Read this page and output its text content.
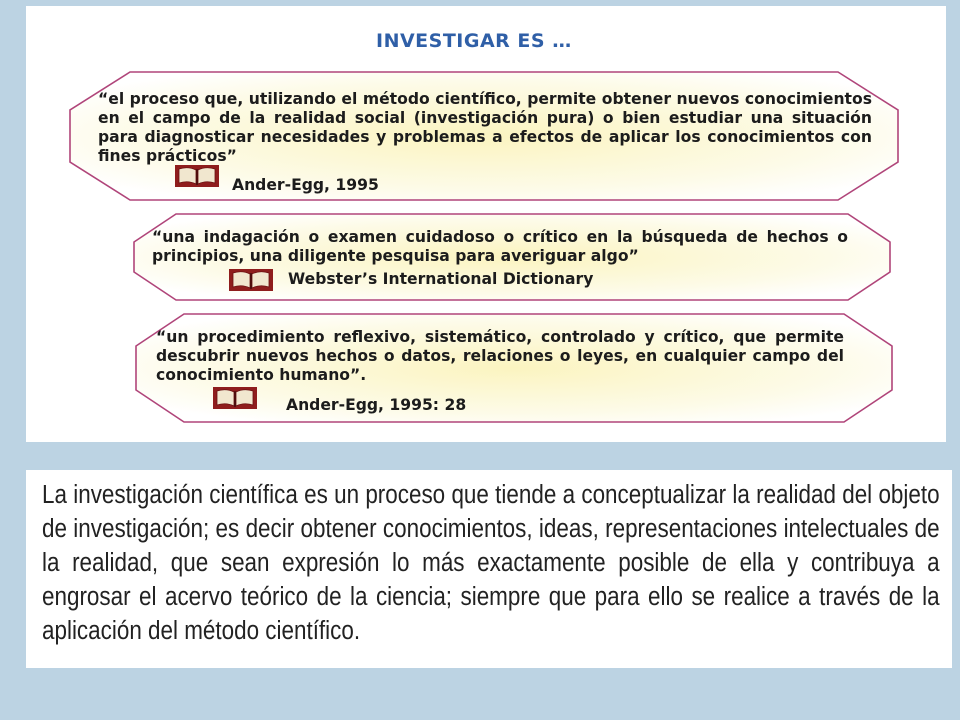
INVESTIGAR ES …

“el proceso que, utilizando el método científico, permite obtener nuevos conocimientos en el campo de la realidad social (investigación pura) o bien estudiar una situación para diagnosticar necesidades y problemas a efectos de aplicar los conocimientos con fines prácticos”

Ander-Egg, 1995

“una indagación o examen cuidadoso o crítico en la búsqueda de hechos o principios, una diligente pesquisa para averiguar algo”

Webster’s International Dictionary

“un procedimiento reflexivo, sistemático, controlado y crítico, que permite descubrir nuevos hechos o datos, relaciones o leyes, en cualquier campo del conocimiento humano”.

Ander-Egg, 1995: 28

La investigación científica es un proceso que tiende a conceptualizar la realidad del objeto de investigación; es decir obtener conocimientos, ideas, representaciones intelectuales de la realidad, que sean expresión lo más exactamente posible de ella y contribuya a engrosar el acervo teórico de la ciencia; siempre que para ello se realice a través de la aplicación del método científico.
